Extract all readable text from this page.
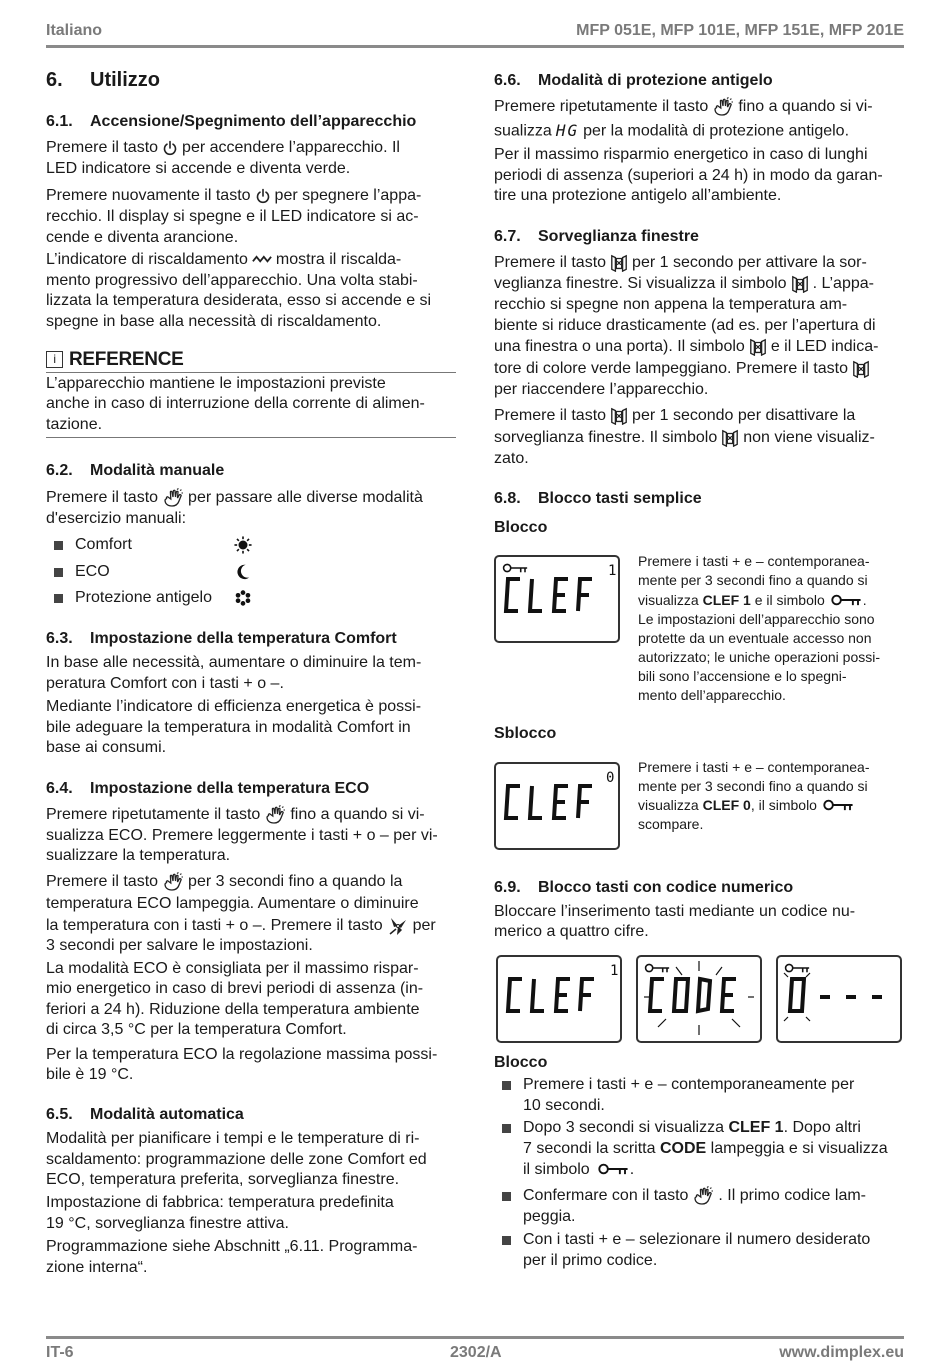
Italiano	MFP 051E, MFP 101E, MFP 151E, MFP 201E
6. Utilizzo
6.1. Accensione/Spegnimento dell’apparecchio
Premere il tasto per accendere l’apparecchio. Il
LED indicatore si accende e diventa verde.
Premere nuovamente il tasto per spegnere l’appa-
recchio. Il display si spegne e il LED indicatore si ac-
cende e diventa arancione.
L’indicatore di riscaldamento mostra il riscalda-
mento progressivo dell’apparecchio. Una volta stabi-
lizzata la temperatura desiderata, esso si accende e si
spegne in base alla necessità di riscaldamento.
i REFERENCE
L’apparecchio mantiene le impostazioni previste
anche in caso di interruzione della corrente di alimen-
tazione.
6.2. Modalità manuale
Premere il tasto per passare alle diverse modalità
d'esercizio manuali:
Comfort
ECO
Protezione antigelo
6.3. Impostazione della temperatura Comfort
In base alle necessità, aumentare o diminuire la tem-
peratura Comfort con i tasti + o –.
Mediante l’indicatore di efficienza energetica è possi-
bile adeguare la temperatura in modalità Comfort in
base ai consumi.
6.4. Impostazione della temperatura ECO
Premere ripetutamente il tasto fino a quando si vi-
sualizza ECO. Premere leggermente i tasti + o – per vi-
sualizzare la temperatura.
Premere il tasto per 3 secondi fino a quando la
temperatura ECO lampeggia. Aumentare o diminuire
la temperatura con i tasti + o –. Premere il tasto per
3 secondi per salvare le impostazioni.
La modalità ECO è consigliata per il massimo rispar-
mio energetico in caso di brevi periodi di assenza (in-
feriori a 24 h). Riduzione della temperatura ambiente
di circa 3,5 °C per la temperatura Comfort.
Per la temperatura ECO la regolazione massima possi-
bile è 19 °C.
6.5. Modalità automatica
Modalità per pianificare i tempi e le temperature di ri-
scaldamento: programmazione delle zone Comfort ed
ECO, temperatura preferita, sorveglianza finestre.
Impostazione di fabbrica: temperatura predefinita
19 °C, sorveglianza finestre attiva.
Programmazione siehe Abschnitt „6.11. Programma-
zione interna“.
6.6. Modalità di protezione antigelo
Premere ripetutamente il tasto fino a quando si vi-
sualizza HG per la modalità di protezione antigelo.
Per il massimo risparmio energetico in caso di lunghi
periodi di assenza (superiori a 24 h) in modo da garan-
tire una protezione antigelo all’ambiente.
6.7. Sorveglianza finestre
Premere il tasto per 1 secondo per attivare la sor-
veglianza finestre. Si visualizza il simbolo . L’appa-
recchio si spegne non appena la temperatura am-
biente si riduce drasticamente (ad es. per l’apertura di
una finestra o una porta). Il simbolo e il LED indica-
tore di colore verde lampeggiano. Premere il tasto
per riaccendere l’apparecchio.
Premere il tasto per 1 secondo per disattivare la
sorveglianza finestre. Il simbolo non viene visualiz-
zato.
6.8. Blocco tasti semplice
Blocco
1
Premere i tasti + e – contemporanea-
mente per 3 secondi fino a quando si
visualizza CLEF 1 e il simbolo	.
Le impostazioni dell’apparecchio sono
protette da un eventuale accesso non
autorizzato; le uniche operazioni possi-
bili sono l’accensione e lo spegni-
mento dell’apparecchio.
Sblocco
0
Premere i tasti + e – contemporanea-
mente per 3 secondi fino a quando si
visualizza CLEF 0, il simbolo
scompare.
6.9. Blocco tasti con codice numerico
Bloccare l’inserimento tasti mediante un codice nu-
merico a quattro cifre.
1
Blocco
Premere i tasti + e – contemporaneamente per
10 secondi.
Dopo 3 secondi si visualizza CLEF 1. Dopo altri
7 secondi la scritta CODE lampeggia e si visualizza
il simbolo	.
Confermare con il tasto . Il primo codice lam-
peggia.
Con i tasti + e – selezionare il numero desiderato
per il primo codice.
IT-6	2302/A	www.dimplex.eu
